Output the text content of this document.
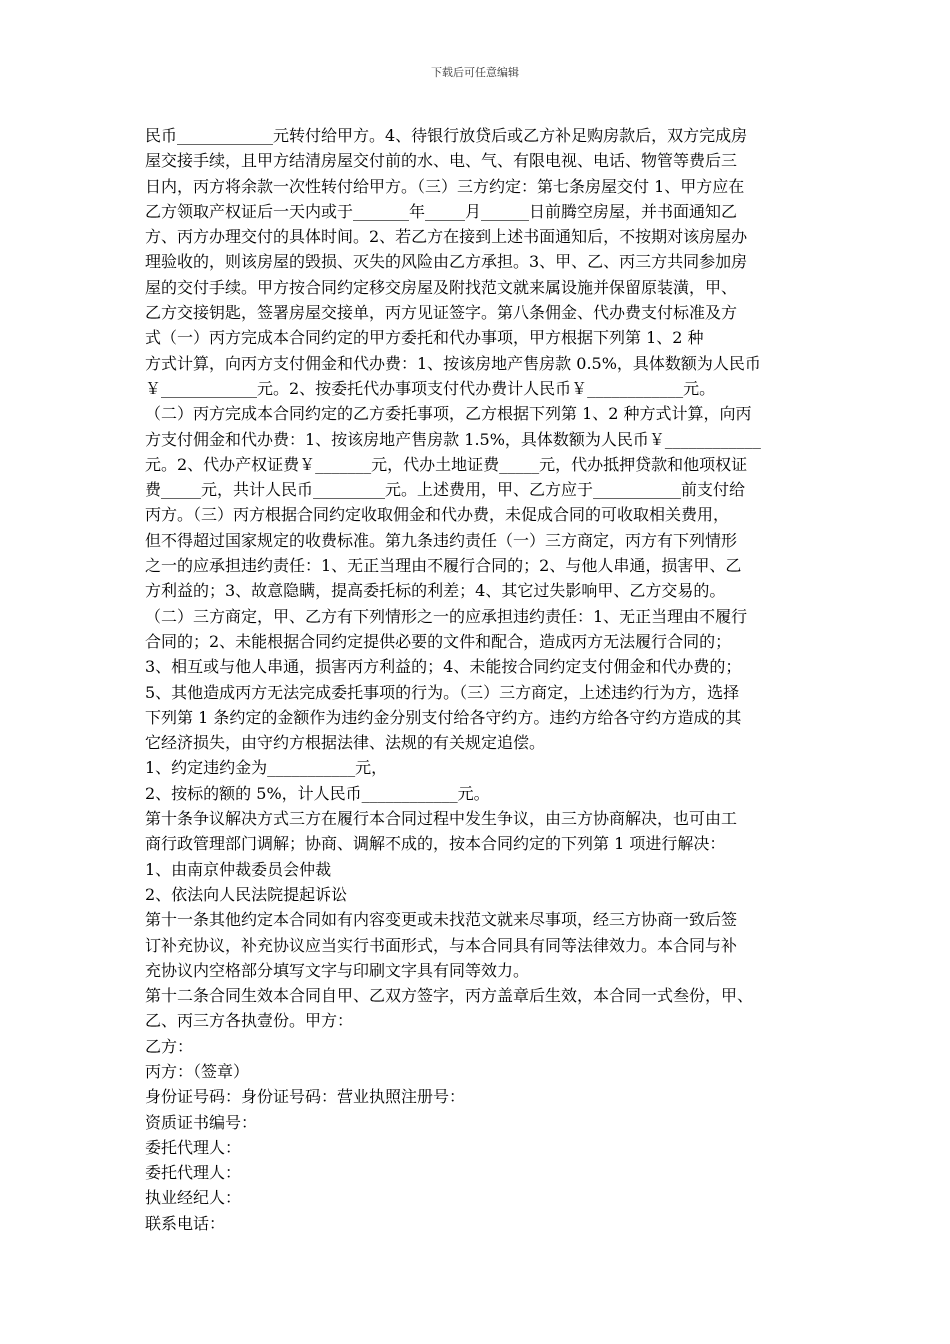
下载后可任意编辑
民币____________元转付给甲方。4、待银行放贷后或乙方补足购房款后，双方完成房
屋交接手续，且甲方结清房屋交付前的水、电、气、有限电视、电话、物管等费后三
日内，丙方将余款一次性转付给甲方。（三）三方约定：第七条房屋交付 1、甲方应在
乙方领取产权证后一天内或于_______年_____月______日前腾空房屋，并书面通知乙
方、丙方办理交付的具体时间。2、若乙方在接到上述书面通知后，不按期对该房屋办
理验收的，则该房屋的毁损、灭失的风险由乙方承担。3、甲、乙、丙三方共同参加房
屋的交付手续。甲方按合同约定移交房屋及附找范文就来属设施并保留原装潢，甲、
乙方交接钥匙，签署房屋交接单，丙方见证签字。第八条佣金、代办费支付标准及方
式（一）丙方完成本合同约定的甲方委托和代办事项，甲方根据下列第 1、2 种
方式计算，向丙方支付佣金和代办费：1、按该房地产售房款 0.5%，具体数额为人民币
￥____________元。2、按委托代办事项支付代办费计人民币￥____________元。
（二）丙方完成本合同约定的乙方委托事项，乙方根据下列第 1、2 种方式计算，向丙
方支付佣金和代办费：1、按该房地产售房款 1.5%，具体数额为人民币￥____________
元。2、代办产权证费￥_______元，代办土地证费_____元，代办抵押贷款和他项权证
费_____元，共计人民币_________元。上述费用，甲、乙方应于___________前支付给
丙方。（三）丙方根据合同约定收取佣金和代办费，未促成合同的可收取相关费用，
但不得超过国家规定的收费标准。第九条违约责任（一）三方商定，丙方有下列情形
之一的应承担违约责任：1、无正当理由不履行合同的；2、与他人串通，损害甲、乙
方利益的；3、故意隐瞒，提高委托标的利差；4、其它过失影响甲、乙方交易的。
（二）三方商定，甲、乙方有下列情形之一的应承担违约责任：1、无正当理由不履行
合同的；2、未能根据合同约定提供必要的文件和配合，造成丙方无法履行合同的；
3、相互或与他人串通，损害丙方利益的；4、未能按合同约定支付佣金和代办费的；
5、其他造成丙方无法完成委托事项的行为。（三）三方商定，上述违约行为方，选择
下列第 1 条约定的金额作为违约金分别支付给各守约方。违约方给各守约方造成的其
它经济损失，由守约方根据法律、法规的有关规定追偿。
1、约定违约金为___________元，
2、按标的额的 5%，计人民币____________元。
第十条争议解决方式三方在履行本合同过程中发生争议，由三方协商解决，也可由工
商行政管理部门调解；协商、调解不成的，按本合同约定的下列第 1 项进行解决：
1、由南京仲裁委员会仲裁
2、依法向人民法院提起诉讼
第十一条其他约定本合同如有内容变更或未找范文就来尽事项，经三方协商一致后签
订补充协议，补充协议应当实行书面形式，与本合同具有同等法律效力。本合同与补
充协议内空格部分填写文字与印刷文字具有同等效力。
第十二条合同生效本合同自甲、乙双方签字，丙方盖章后生效，本合同一式叁份，甲、
乙、丙三方各执壹份。甲方：
乙方：
丙方：（签章）
身份证号码：身份证号码：营业执照注册号：
资质证书编号：
委托代理人：
委托代理人：
执业经纪人：
联系电话：
